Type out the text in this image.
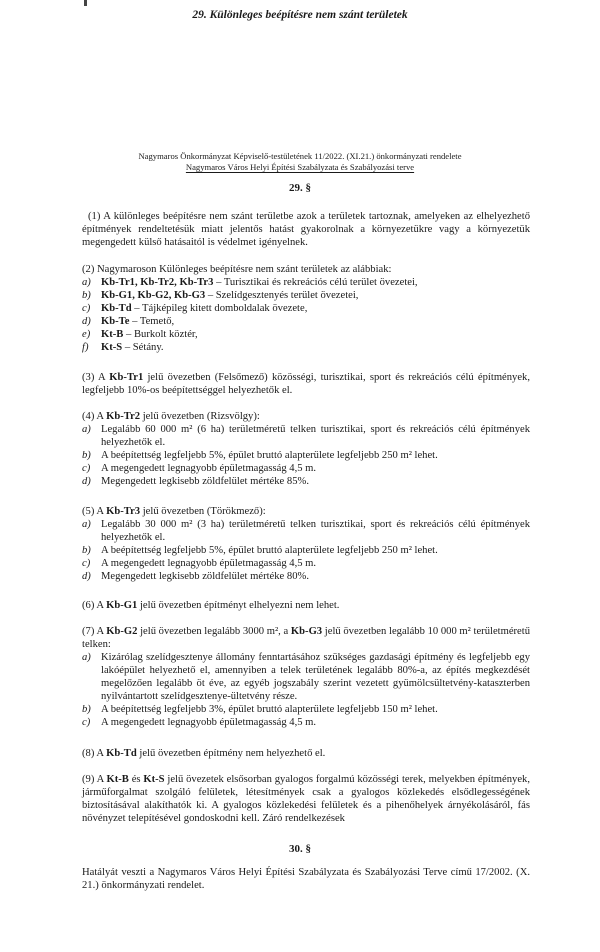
29. Különleges beépítésre nem szánt területek
Nagymaros Önkormányzat Képviselő-testületének 11/2022. (XI.21.) önkormányzati rendelete
Nagymaros Város Helyi Építési Szabályzata és Szabályozási terve
29. §
(1) A különleges beépítésre nem szánt területbe azok a területek tartoznak, amelyeken az elhelyezhető építmények rendeltetésük miatt jelentős hatást gyakorolnak a környezetükre vagy a környezetük megengedett külső hatásaitól is védelmet igényelnek.
(2) Nagymaroson Különleges beépítésre nem szánt területek az alábbiak:
a) Kb-Tr1, Kb-Tr2, Kb-Tr3 – Turisztikai és rekreációs célú terület övezetei,
b) Kb-G1, Kb-G2, Kb-G3 – Szelídgesztenyés terület övezetei,
c)	Kb-Td – Tájképileg kitett domboldalak övezete,
d) Kb-Te – Temető,
e)	Kt-B – Burkolt köztér,
f)	Kt-S – Sétány.
(3) A Kb-Tr1 jelű övezetben (Felsőmező) közösségi, turisztikai, sport és rekreációs célú építmények, legfeljebb 10%-os beépítettséggel helyezhetők el.
(4) A Kb-Tr2 jelű övezetben (Rizsvölgy):
a) Legalább 60 000 m² (6 ha) területméretű telken turisztikai, sport és rekreációs célú építmények helyezhetők el.
b) A beépítettség legfeljebb 5%, épület bruttó alapterülete legfeljebb 250 m² lehet.
c)	A megengedett legnagyobb épületmagasság 4,5 m.
d) Megengedett legkisebb zöldfelület mértéke 85%.
(5) A Kb-Tr3 jelű övezetben (Törökmező):
a) Legalább 30 000 m² (3 ha) területméretű telken turisztikai, sport és rekreációs célú építmények helyezhetők el.
b) A beépítettség legfeljebb 5%, épület bruttó alapterülete legfeljebb 250 m² lehet.
c)	A megengedett legnagyobb épületmagasság 4,5 m.
d) Megengedett legkisebb zöldfelület mértéke 80%.
(6) A Kb-G1 jelű övezetben építményt elhelyezni nem lehet.
(7) A Kb-G2 jelű övezetben legalább 3000 m², a Kb-G3 jelű övezetben legalább 10 000 m² területméretű telken:
a) Kizárólag szelídgesztenye állomány fenntartásához szükséges gazdasági építmény és legfeljebb egy lakóépület helyezhető el, amennyiben a telek területének legalább 80%-a, az építés megkezdését megelőzően legalább öt éve, az egyéb jogszabály szerint vezetett gyümölcsültetvény-kataszterben nyilvántartott szelídgesztenye-ültetvény része.
b) A beépítettség legfeljebb 3%, épület bruttó alapterülete legfeljebb 150 m² lehet.
c)	A megengedett legnagyobb épületmagasság 4,5 m.
(8) A Kb-Td jelű övezetben építmény nem helyezhető el.
(9) A Kt-B és Kt-S jelű övezetek elsősorban gyalogos forgalmú közösségi terek, melyekben építmények, járműforgalmat szolgáló felületek, létesítmények csak a gyalogos közlekedés elsődlegességének biztosításával alakíthatók ki. A gyalogos közlekedési felületek és a pihenőhelyek árnyékolásáról, fás növényzet telepítésével gondoskodni kell. Záró rendelkezések
30. §
Hatályát veszti a Nagymaros Város Helyi Építési Szabályzata és Szabályozási Terve című 17/2002. (X. 21.) önkormányzati rendelet.
